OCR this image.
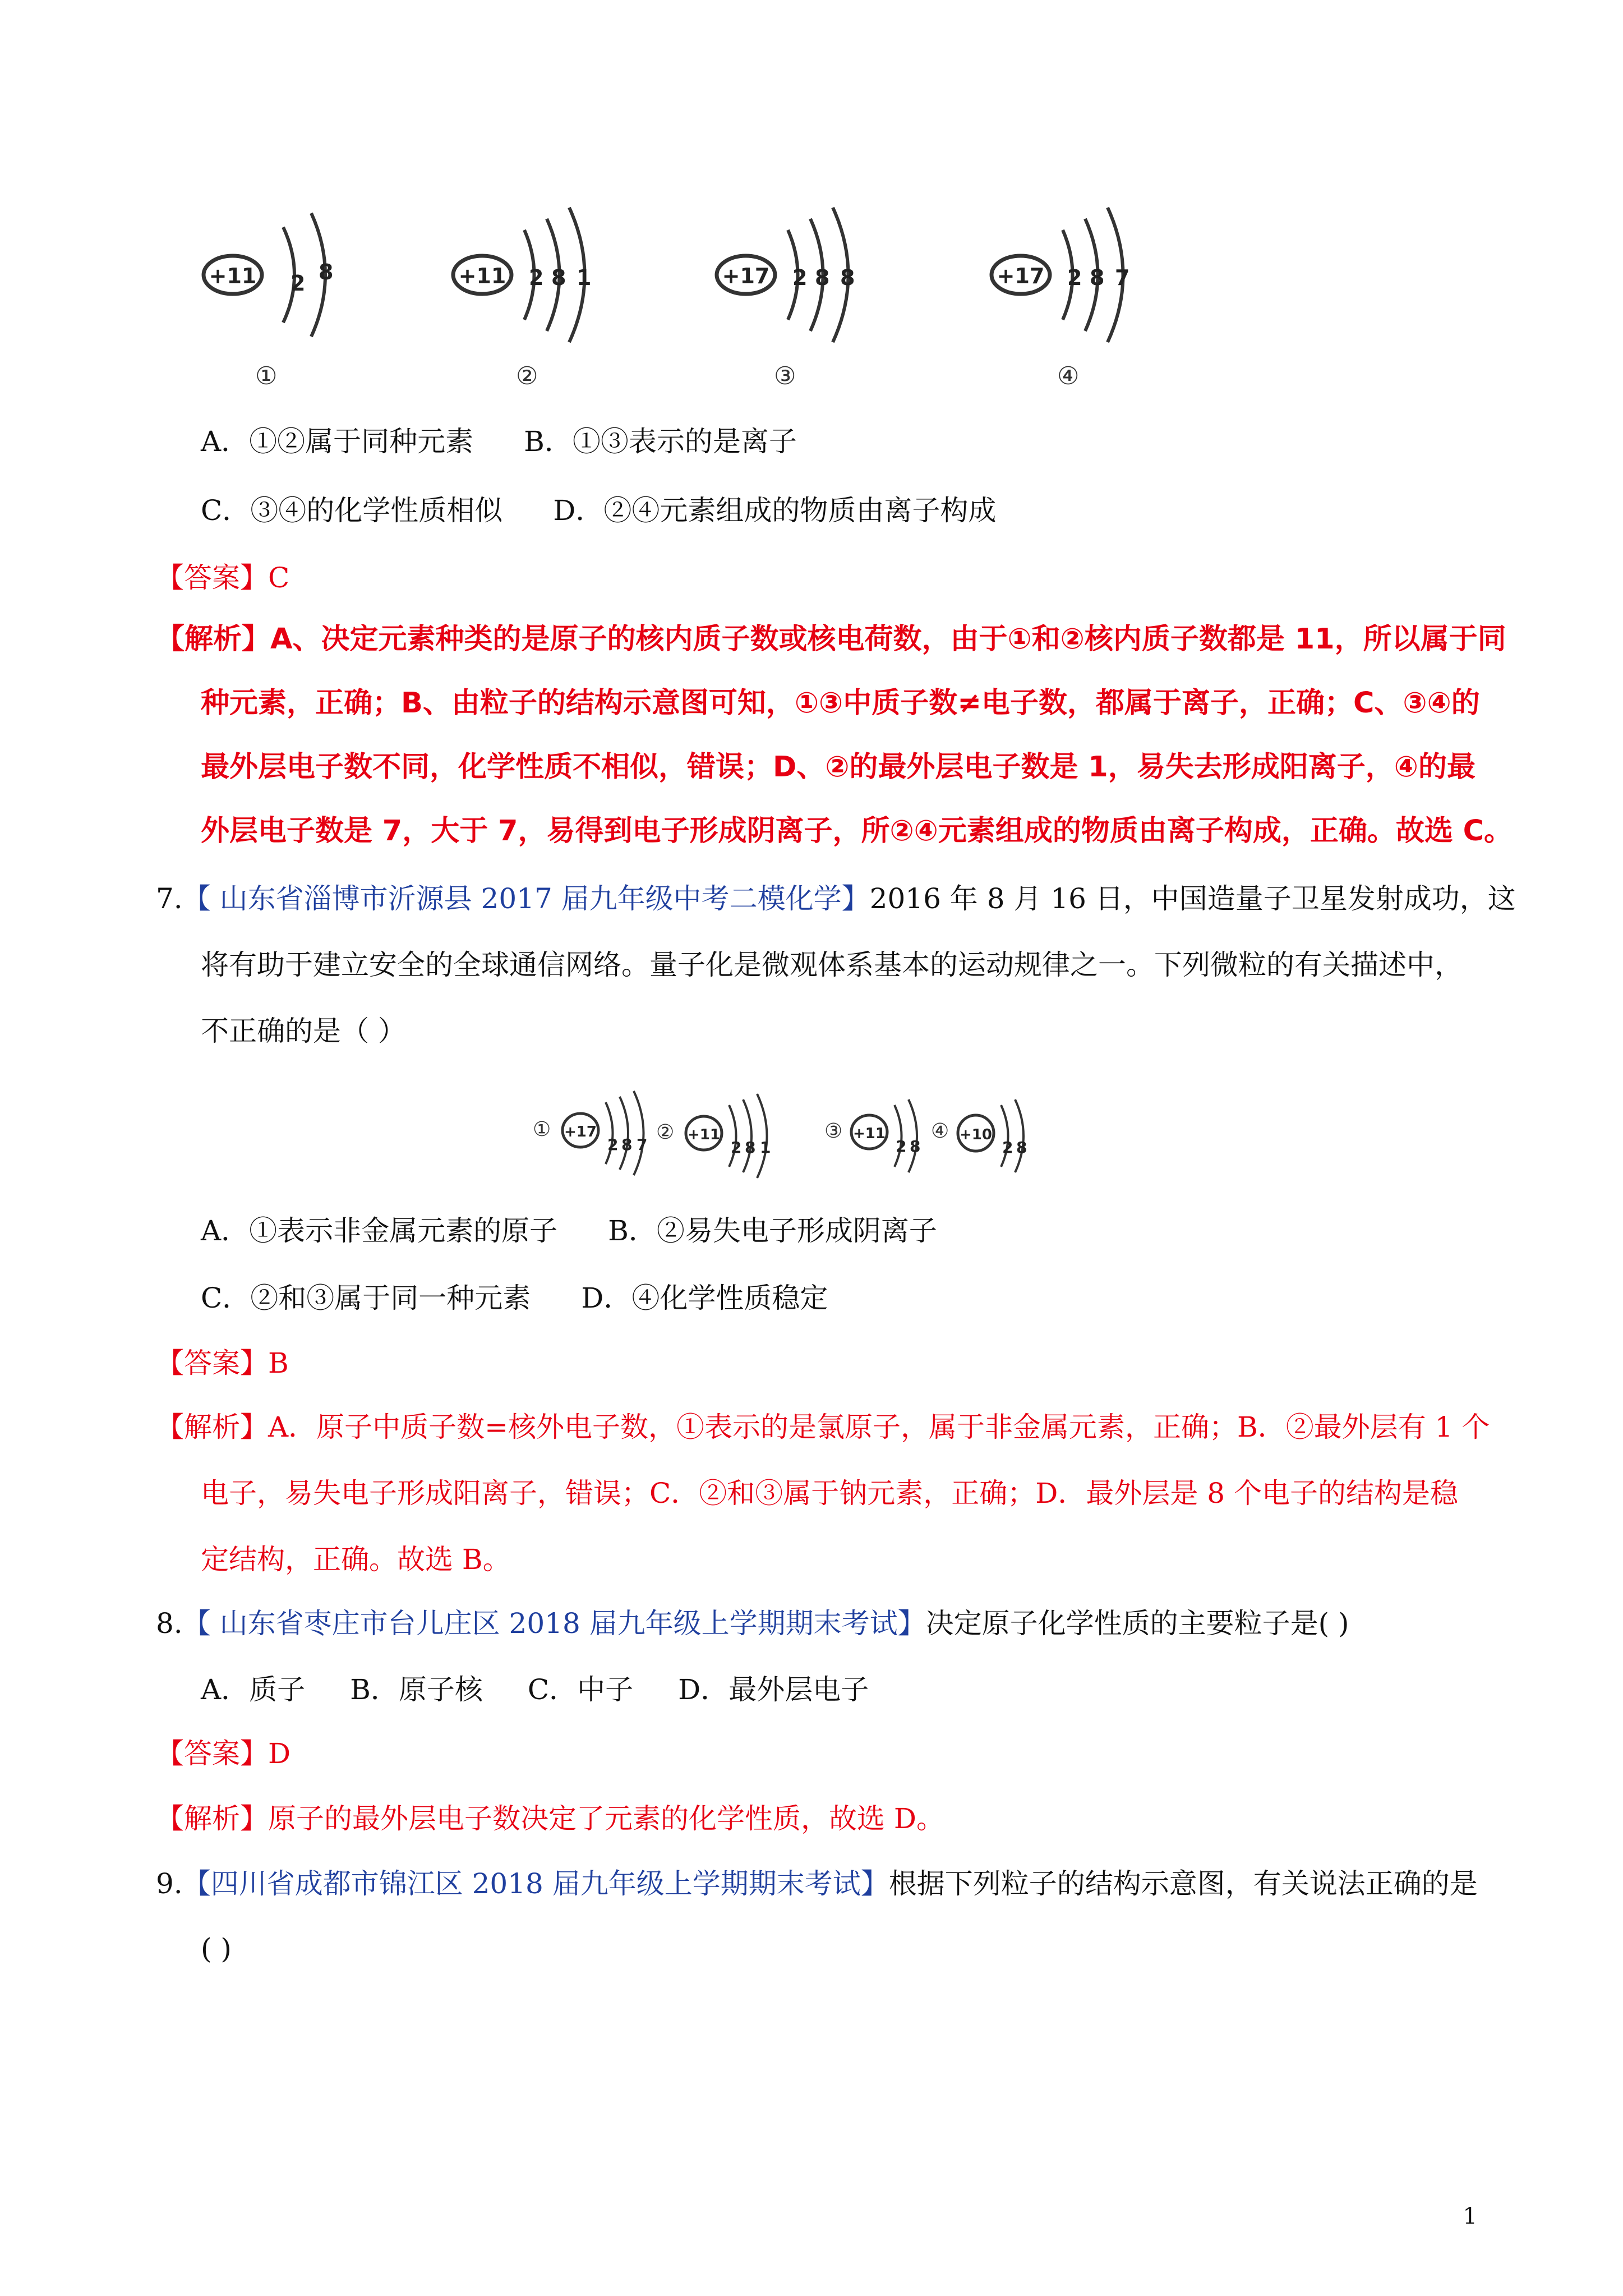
+11 2 8
①
+11 2 8 1
②
+17 2 8 8
③
+17 2 8 7
④
A．①②属于同种元素 B．①③表示的是离子
C．③④的化学性质相似 D．②④元素组成的物质由离子构成
【答案】C
【解析】A、决定元素种类的是原子的核内质子数或核电荷数，由于①和②核内质子数都是 11，所以属于同
种元素，正确；B、由粒子的结构示意图可知，①③中质子数≠电子数，都属于离子，正确；C、③④的
最外层电子数不同，化学性质不相似，错误；D、②的最外层电子数是 1，易失去形成阳离子，④的最
外层电子数是 7，大于 7，易得到电子形成阴离子，所②④元素组成的物质由离子构成，正确。故选 C。
7.【 山东省淄博市沂源县 2017 届九年级中考二模化学】2016 年 8 月 16 日，中国造量子卫星发射成功，这
将有助于建立安全的全球通信网络。量子化是微观体系基本的运动规律之一。下列微粒的有关描述中，
不正确的是（ ）
① +17
2 8 7
② +11
2 8 1
③ +11
2 8
④ +10
2 8
A．①表示非金属元素的原子 B．②易失电子形成阴离子
C．②和③属于同一种元素 D．④化学性质稳定
【答案】B
【解析】A．原子中质子数=核外电子数，①表示的是氯原子，属于非金属元素，正确；B．②最外层有 1 个
电子，易失电子形成阳离子，错误；C．②和③属于钠元素，正确；D．最外层是 8 个电子的结构是稳
定结构，正确。故选 B。
8.【 山东省枣庄市台儿庄区 2018 届九年级上学期期末考试】决定原子化学性质的主要粒子是( )
A．质子 B．原子核 C．中子 D．最外层电子
【答案】D
【解析】原子的最外层电子数决定了元素的化学性质，故选 D。
9.【四川省成都市锦江区 2018 届九年级上学期期末考试】根据下列粒子的结构示意图，有关说法正确的是
( )
1
